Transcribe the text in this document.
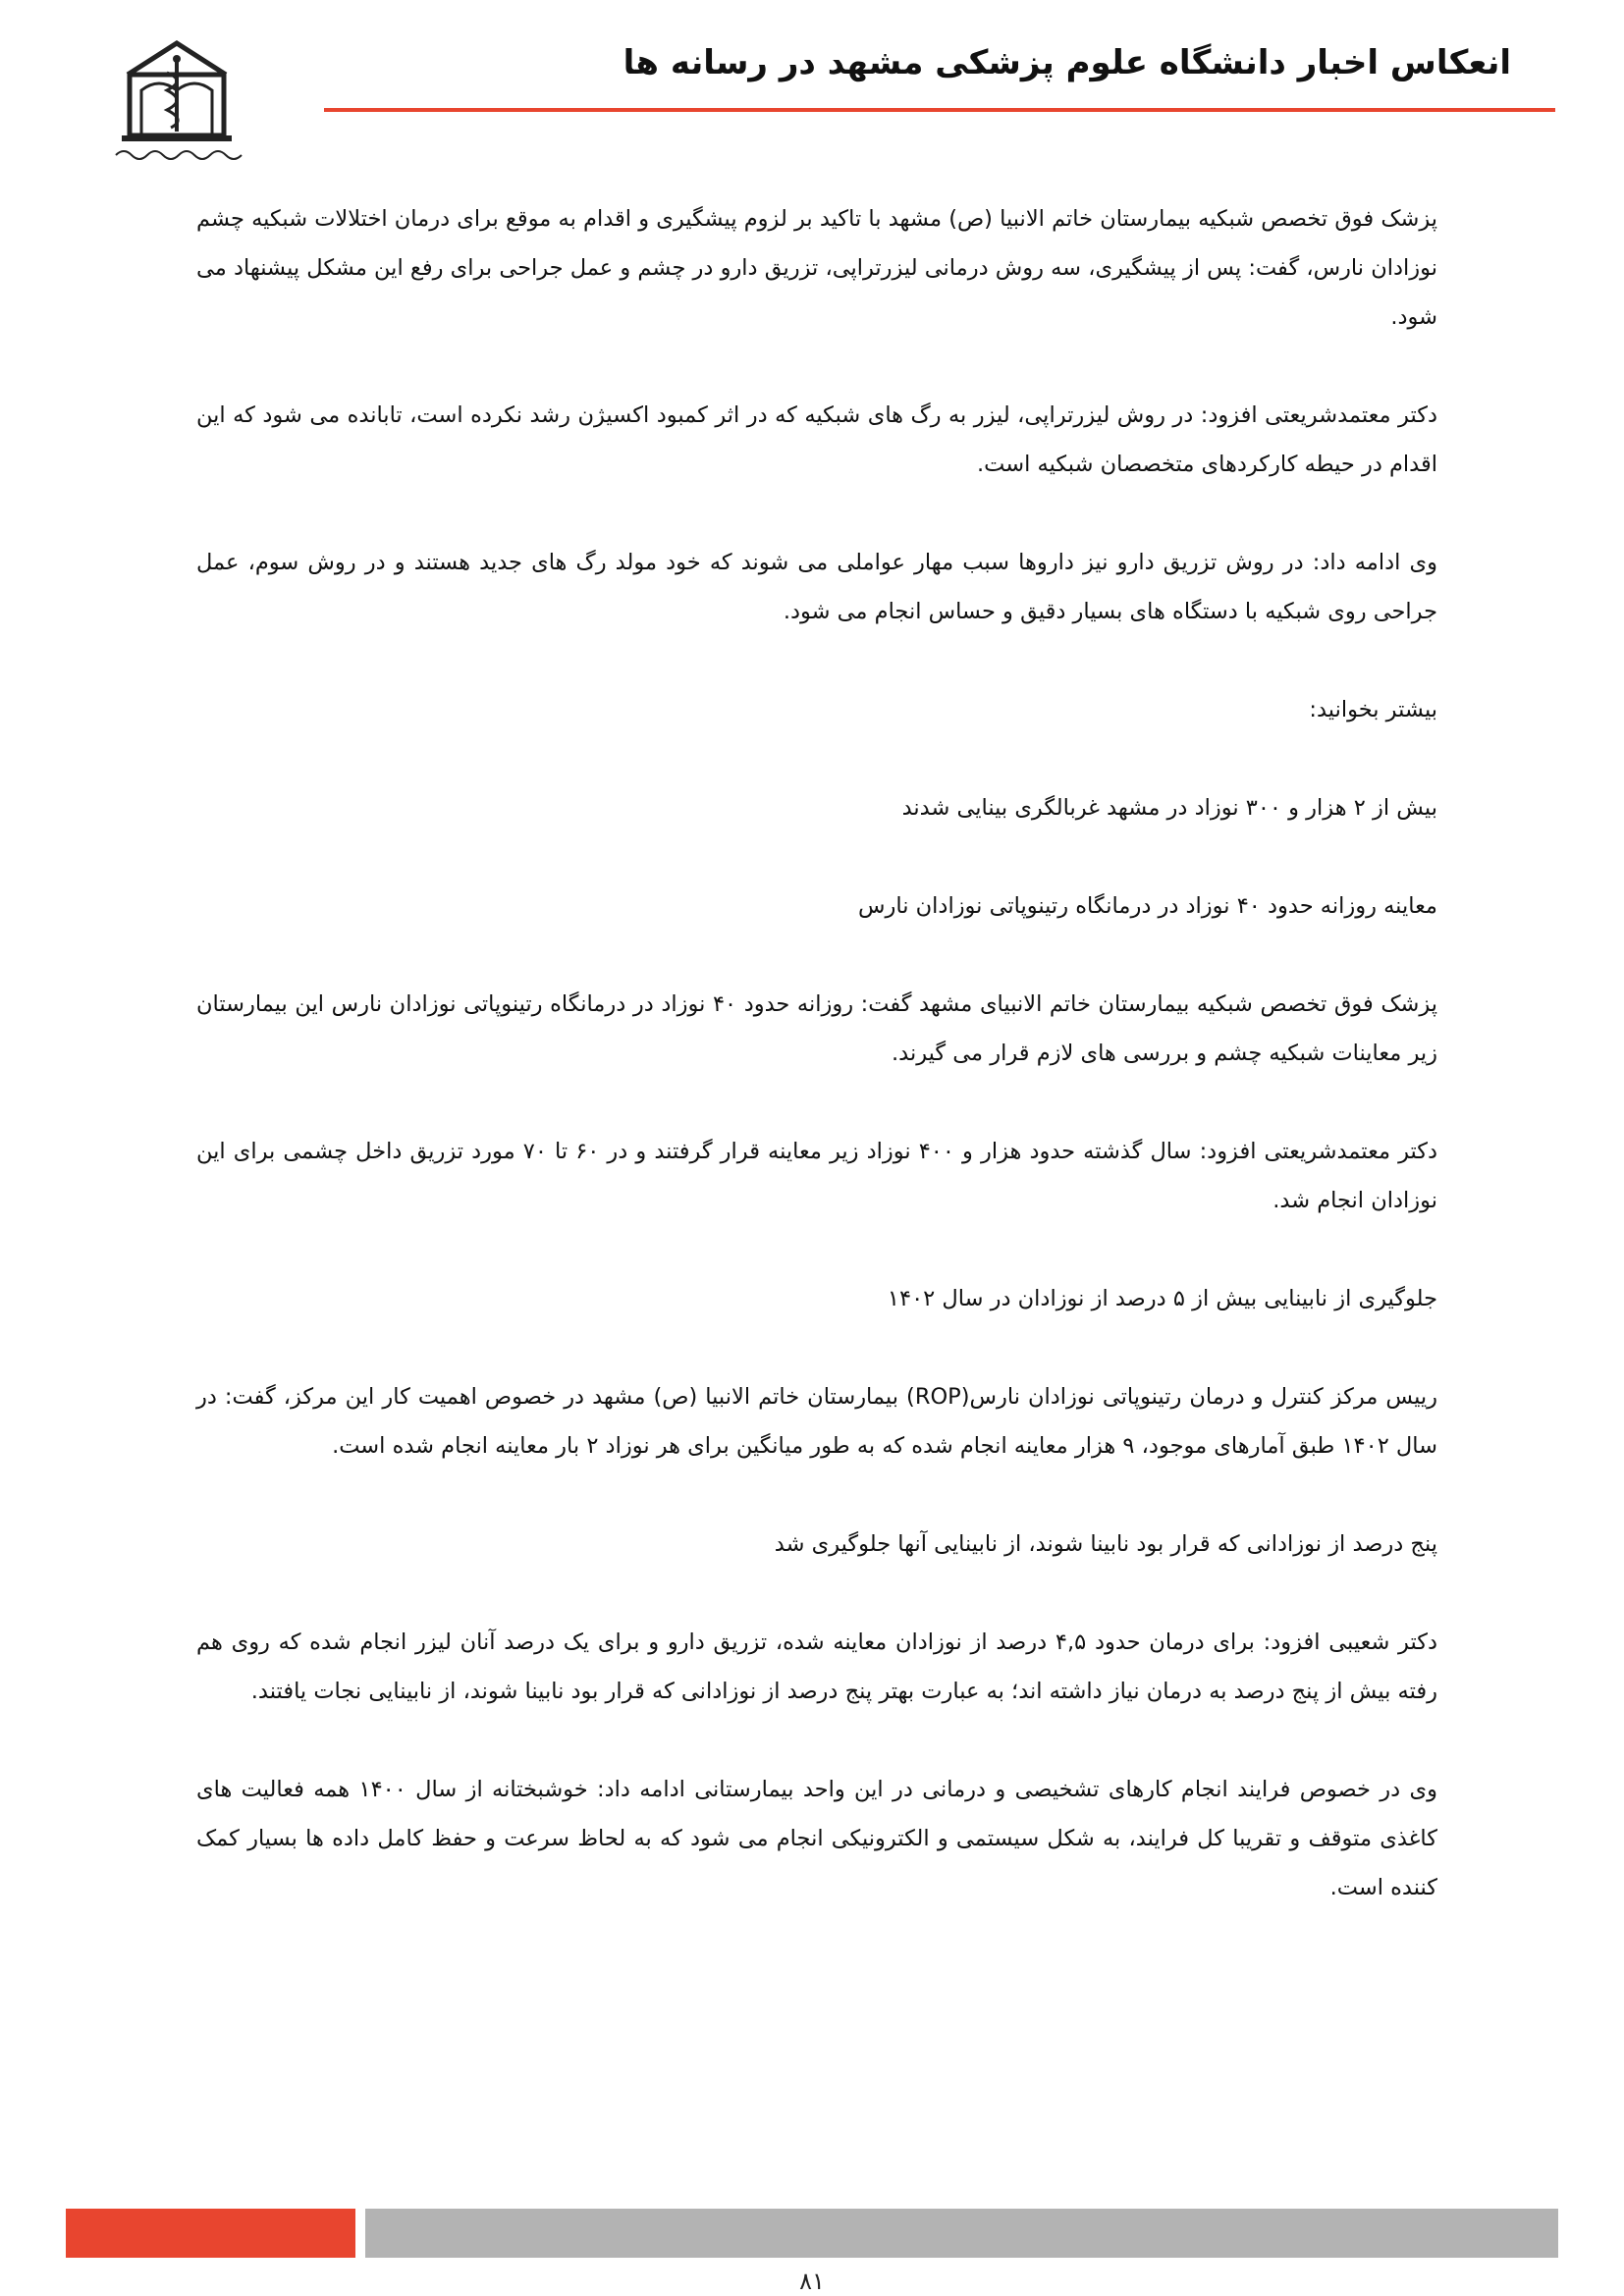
انعکاس اخبار دانشگاه علوم پزشکی مشهد در رسانه ها

پزشک فوق تخصص شبکیه بیمارستان خاتم الانبیا (ص) مشهد با تاکید بر لزوم پیشگیری و اقدام به موقع برای درمان اختلالات شبکیه چشم نوزادان نارس، گفت: پس از پیشگیری، سه روش درمانی لیزرتراپی، تزریق دارو در چشم و عمل جراحی برای رفع این مشکل پیشنهاد می شود.

دکتر معتمدشریعتی افزود: در روش لیزرتراپی، لیزر به رگ های شبکیه که در اثر کمبود اکسیژن رشد نکرده است، تابانده می شود که این اقدام در حیطه کارکردهای متخصصان شبکیه است.

وی ادامه داد: در روش تزریق دارو نیز داروها سبب مهار عواملی می شوند که خود مولد رگ های جدید هستند و در روش سوم، عمل جراحی روی شبکیه با دستگاه های بسیار دقیق و حساس انجام می شود.

بیشتر بخوانید:

بیش از ۲ هزار و ۳۰۰ نوزاد در مشهد غربالگری بینایی شدند

معاینه روزانه حدود ۴۰ نوزاد در درمانگاه رتینوپاتی نوزادان نارس

پزشک فوق تخصص شبکیه بیمارستان خاتم الانبیای مشهد گفت: روزانه حدود ۴۰ نوزاد در درمانگاه رتینوپاتی نوزادان نارس این بیمارستان زیر معاینات شبکیه چشم و بررسی های لازم قرار می گیرند.

دکتر معتمدشریعتی افزود: سال گذشته حدود هزار و ۴۰۰ نوزاد زیر معاینه قرار گرفتند و در ۶۰ تا ۷۰ مورد تزریق داخل چشمی برای این نوزادان انجام شد.

جلوگیری از نابینایی بیش از ۵ درصد از نوزادان در سال ۱۴۰۲

رییس مرکز کنترل و درمان رتینوپاتی نوزادان نارس(ROP) بیمارستان خاتم الانبیا (ص) مشهد در خصوص اهمیت کار این مرکز، گفت: در سال ۱۴۰۲ طبق آمارهای موجود، ۹ هزار معاینه انجام شده که به طور میانگین برای هر نوزاد ۲ بار معاینه انجام شده است.

پنج درصد از نوزادانی که قرار بود نابینا شوند، از نابینایی آنها جلوگیری شد

دکتر شعیبی افزود: برای درمان حدود ۴,۵ درصد از نوزادان معاینه شده، تزریق دارو و برای یک درصد آنان لیزر انجام شده که روی هم رفته بیش از پنج درصد به درمان نیاز داشته اند؛ به عبارت بهتر پنج درصد از نوزادانی که قرار بود نابینا شوند، از نابینایی نجات یافتند.

وی در خصوص فرایند انجام کارهای تشخیصی و درمانی در این واحد بیمارستانی ادامه داد: خوشبختانه از سال ۱۴۰۰ همه فعالیت های کاغذی متوقف و تقریبا کل فرایند، به شکل سیستمی و الکترونیکی انجام می شود که به لحاظ سرعت و حفظ کامل داده ها بسیار کمک کننده است.

۸۱
